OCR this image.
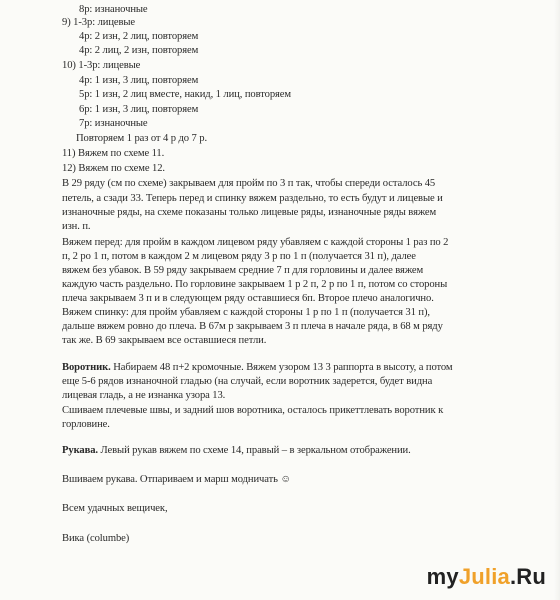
8р: изнаночные
9) 1-3р: лицевые
4р: 2 изн, 2 лиц, повторяем
4р: 2 лиц, 2 изн, повторяем
10) 1-3р: лицевые
4р: 1 изн, 3 лиц, повторяем
5р: 1 изн, 2 лиц вместе, накид, 1 лиц, повторяем
6р: 1 изн, 3 лиц, повторяем
7р: изнаночные
Повторяем 1 раз от 4 р до 7 р.
11) Вяжем по схеме 11.
12) Вяжем по схеме 12.
В 29 ряду (см по схеме) закрываем для пройм по 3 п так, чтобы спереди осталось 45
петель, а сзади 33. Теперь перед и спинку вяжем раздельно, то есть будут и лицевые и
изнаночные ряды, на схеме показаны только лицевые ряды, изнаночные ряды вяжем
изн. п.
Вяжем перед: для пройм в каждом лицевом ряду убавляем с каждой стороны 1 раз по 2
п, 2 ро 1 п, потом в каждом 2 м лицевом ряду 3 р по 1 п (получается 31 п), далее
вяжем без убавок. В 59 ряду закрываем средние 7 п для горловины и далее вяжем
каждую часть раздельно. По горловине закрываем 1 р 2 п, 2 р по 1 п, потом со стороны
плеча закрываем 3 п и в следующем ряду оставшиеся 6п. Второе плечо аналогично.
Вяжем спинку: для пройм убавляем с каждой стороны 1 р по 1 п (получается 31 п),
дальше вяжем ровно до плеча. В 67м р закрываем 3 п плеча в начале ряда, в 68 м ряду
так же. В 69 закрываем все оставшиеся петли.
Воротник. Набираем 48 п+2 кромочные. Вяжем узором 13 3 раппорта в высоту, а потом
еще 5-6 рядов изнаночной гладью (на случай, если воротник задерется, будет видна
лицевая гладь, а не изнанка узора 13.
Сшиваем плечевые швы, и задний шов воротника, осталось прикеттлевать воротник к
горловине.
Рукава. Левый рукав вяжем по схеме 14, правый – в зеркальном отображении.
Вшиваем рукава. Отпариваем и марш модничать ☺
Всем удачных вещичек,
Вика (columbe)
myJulia.Ru
